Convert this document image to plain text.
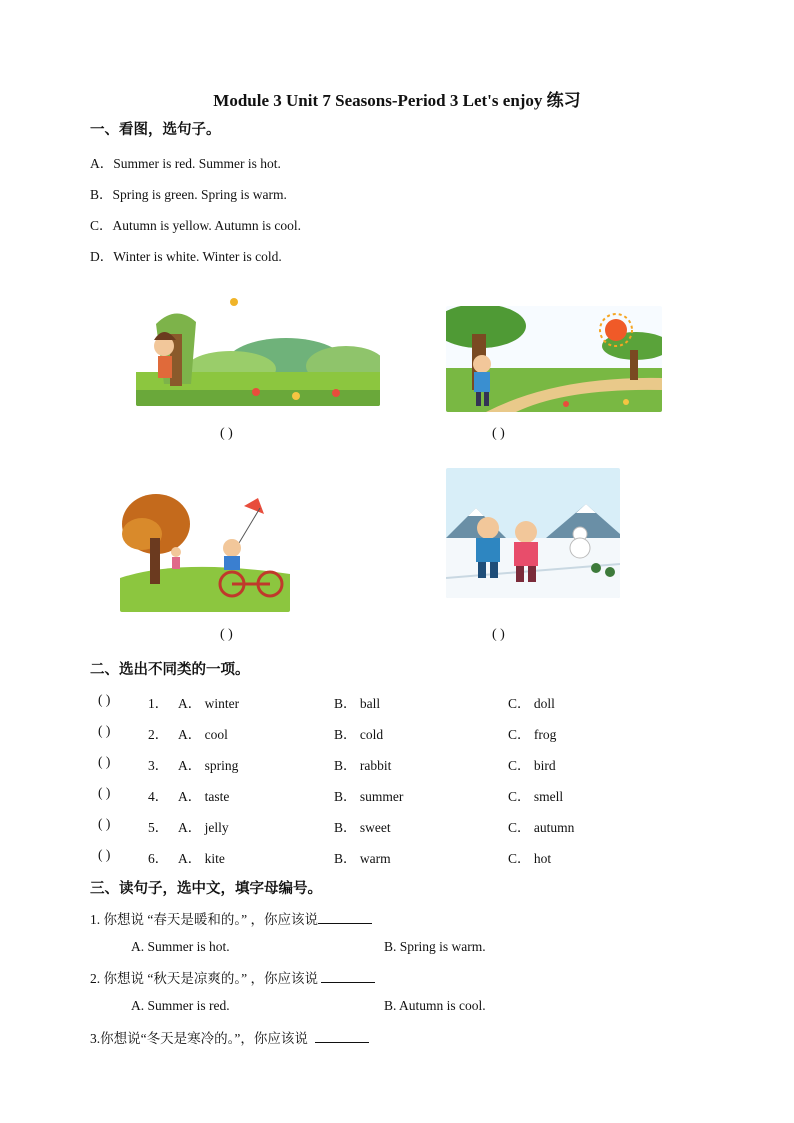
Module 3 Unit 7 Seasons-Period 3 Let's enjoy 练习
一、看图，选句子。
A．Summer is red. Summer is hot.
B．Spring is green. Spring is warm.
C．Autumn is yellow. Autumn is cool.
D．Winter is white. Winter is cold.
( )	( )
( )	( )
二、选出不同类的一项。
( )	1． A． winter	B． ball	C． doll
( )	2． A． cool	B． cold	C． frog
( )	3． A． spring	B． rabbit	C． bird
( )	4． A． taste	B． summer	C． smell
( )	5． A． jelly	B． sweet	C． autumn
( )	6． A． kite	B． warm	C． hot
三、读句子，选中文，填字母编号。
1. 你想说 “春天是暖和的。” ，你应该说
A. Summer is hot.	B. Spring is warm.
2. 你想说 “秋天是凉爽的。” ，你应该说
A. Summer is red.	B. Autumn is cool.
3.你想说“冬天是寒冷的。”，你应该说
